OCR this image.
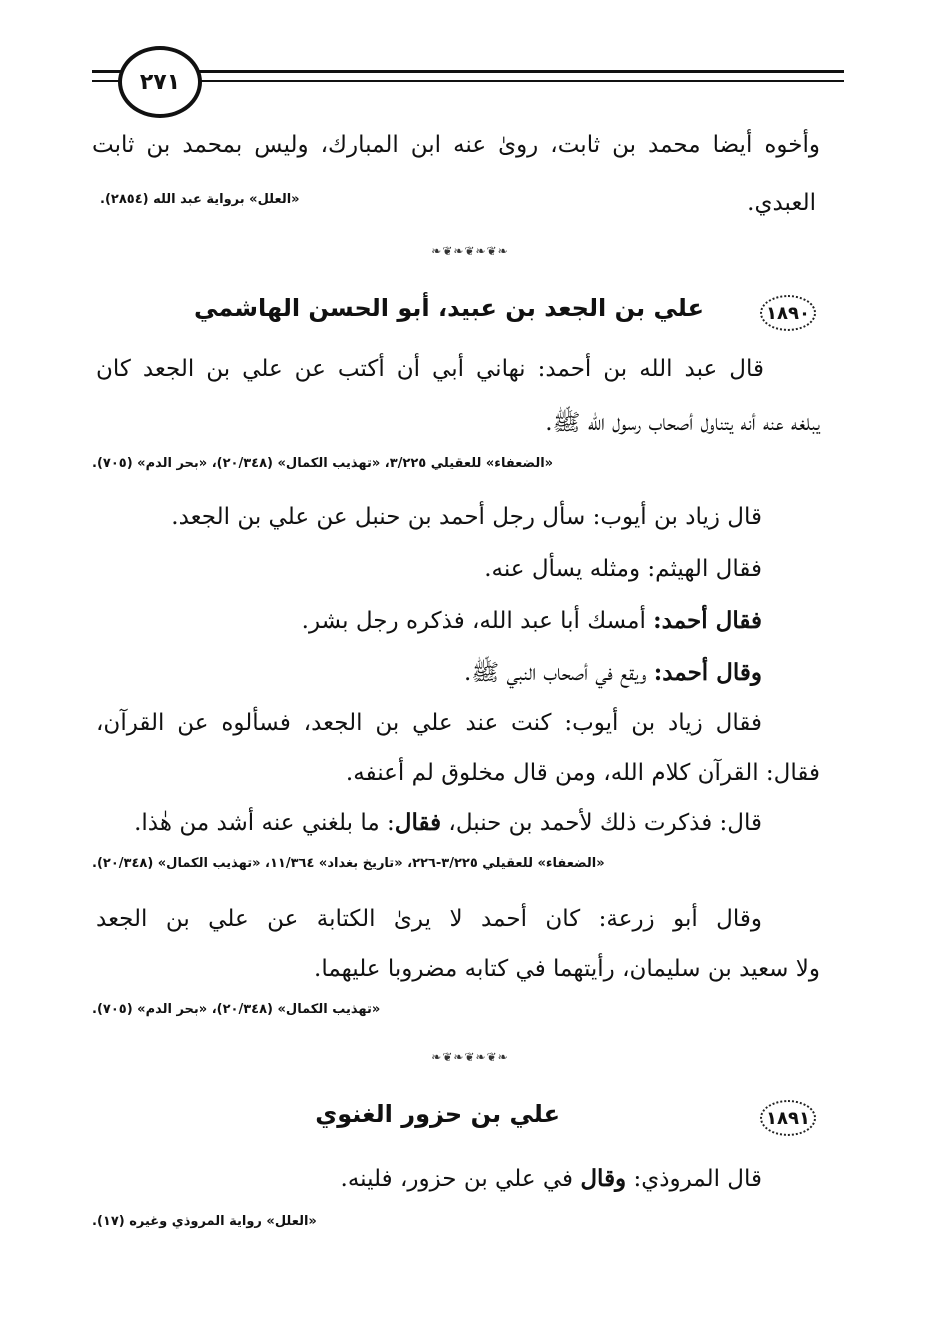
٢٧١
وأخوه أيضا محمد بن ثابت، روىٰ عنه ابن المبارك، وليس بمحمد بن ثابت
العبدي.
«العلل» برواية عبد الله (٢٨٥٤).
❧❦❧❦❧❦❧
١٨٩٠
علي بن الجعد بن عبيد، أبو الحسن الهاشمي
قال عبد الله بن أحمد: نهاني أبي أن أكتب عن علي بن الجعد كان
يبلغه عنه أنه يتناول أصحاب رسول الله ﷺ.
«الضعفاء» للعقيلي ٣/٢٢٥، «تهذيب الكمال» (٢٠/٣٤٨)، «بحر الدم» (٧٠٥).
قال زياد بن أيوب: سأل رجل أحمد بن حنبل عن علي بن الجعد.
فقال الهيثم: ومثله يسأل عنه.
فقال أحمد: أمسك أبا عبد الله، فذكره رجل بشر.
وقال أحمد: ويقع في أصحاب النبي ﷺ.
فقال زياد بن أيوب: كنت عند علي بن الجعد، فسألوه عن القرآن،
فقال: القرآن كلام الله، ومن قال مخلوق لم أعنفه.
قال: فذكرت ذلك لأحمد بن حنبل، فقال: ما بلغني عنه أشد من هٰذا.
«الضعفاء» للعقيلي ٣/٢٢٥-٢٢٦، «تاريخ بغداد» ١١/٣٦٤، «تهذيب الكمال» (٢٠/٣٤٨).
وقال أبو زرعة: كان أحمد لا يرىٰ الكتابة عن علي بن الجعد
ولا سعيد بن سليمان، رأيتهما في كتابه مضروبا عليهما.
«تهذيب الكمال» (٢٠/٣٤٨)، «بحر الدم» (٧٠٥).
❧❦❧❦❧❦❧
١٨٩١
علي بن حزور الغنوي
قال المروذي: وقال في علي بن حزور، فلينه.
«العلل» رواية المروذي وغيره (١٧).
